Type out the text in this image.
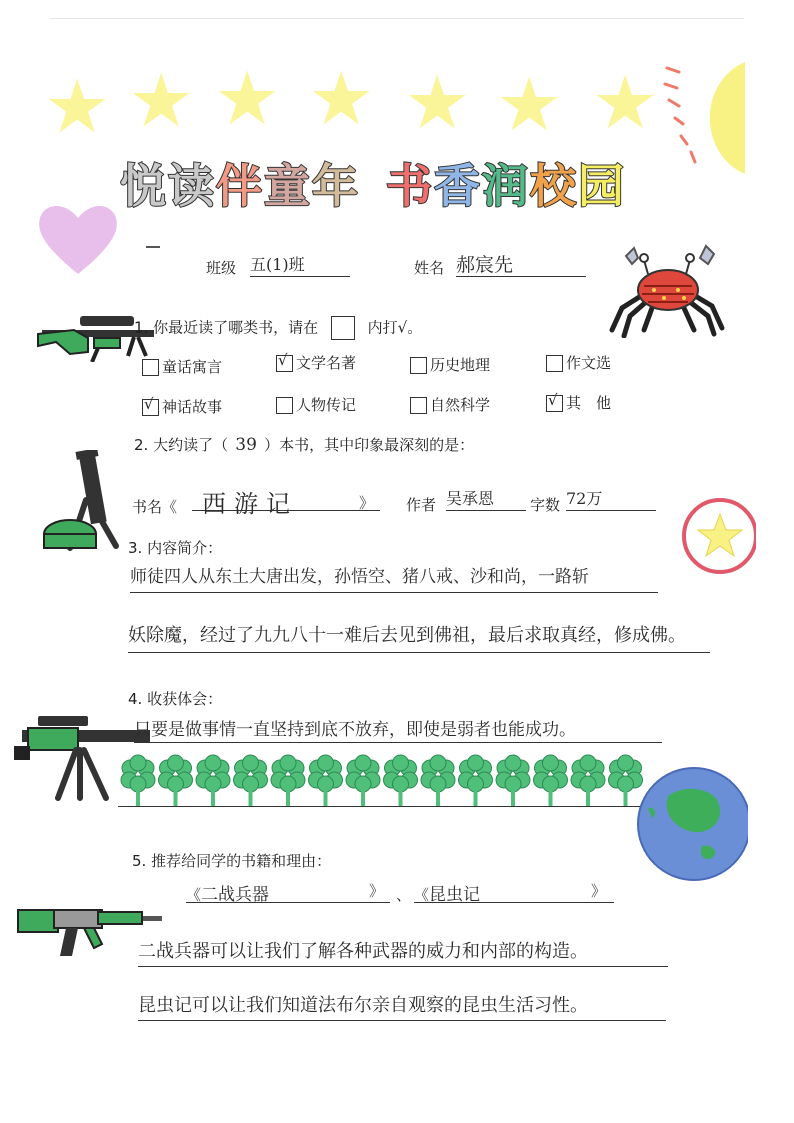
★ ★ ★ ★ ★ ★ ★
悦读伴童年 书香润校园
班级 五(1)班	姓名 郝宸先
1. 你最近读了哪类书，请在	内打√。
童话寓言	√ 文学名著	历史地理	作文选
√ 神话故事	人物传记	自然科学	√ 其　他
2. 大约读了（ 39 ）本书，其中印象最深刻的是：
书名《	西游记	》 作者 吴承恩	字数 72万
3. 内容简介：
师徒四人从东土大唐出发，孙悟空、猪八戒、沙和尚，一路斩
妖除魔，经过了九九八十一难后去见到佛祖，最后求取真经，修成佛。
4. 收获体会：
只要是做事情一直坚持到底不放弃，即使是弱者也能成功。
5. 推荐给同学的书籍和理由：
《二战兵器	》 、 《昆虫记	》
二战兵器可以让我们了解各种武器的威力和内部的构造。
昆虫记可以让我们知道法布尔亲自观察的昆虫生活习性。
